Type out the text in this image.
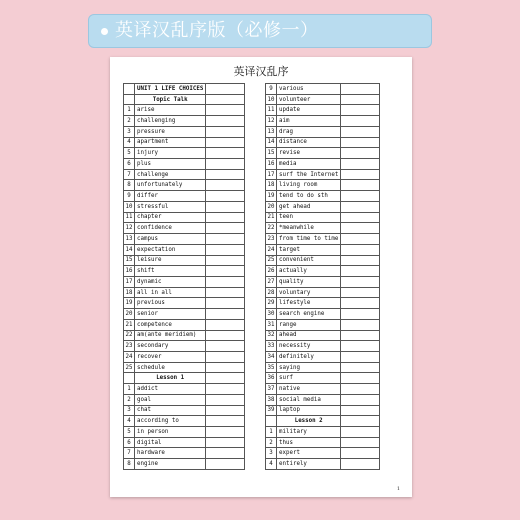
英译汉乱序版（必修一）
英译汉乱序
	UNIT 1 LIFE CHOICES	
	Topic Talk	
1	arise	
2	challenging	
3	pressure	
4	apartment	
5	injury	
6	plus	
7	challenge	
8	unfortunately	
9	differ	
10	stressful	
11	chapter	
12	confidence	
13	campus	
14	expectation	
15	leisure	
16	shift	
17	dynamic	
18	all in all	
19	previous	
20	senior	
21	competence	
22	am(ante meridiem)	
23	secondary	
24	recover	
25	schedule	
	Lesson 1	
1	addict	
2	goal	
3	chat	
4	according to	
5	in person	
6	digital	
7	hardware	
8	engine	
9	various	
10	volunteer	
11	update	
12	aim	
13	drag	
14	distance	
15	revise	
16	media	
17	surf the Internet	
18	living room	
19	tend to do sth	
20	get ahead	
21	teen	
22	*meanwhile	
23	from time to time	
24	target	
25	convenient	
26	actually	
27	quality	
28	voluntary	
29	lifestyle	
30	search engine	
31	range	
32	ahead	
33	necessity	
34	definitely	
35	saying	
36	surf	
37	native	
38	social media	
39	laptop	
	Lesson 2	
1	military	
2	thus	
3	expert	
4	entirely	
1
